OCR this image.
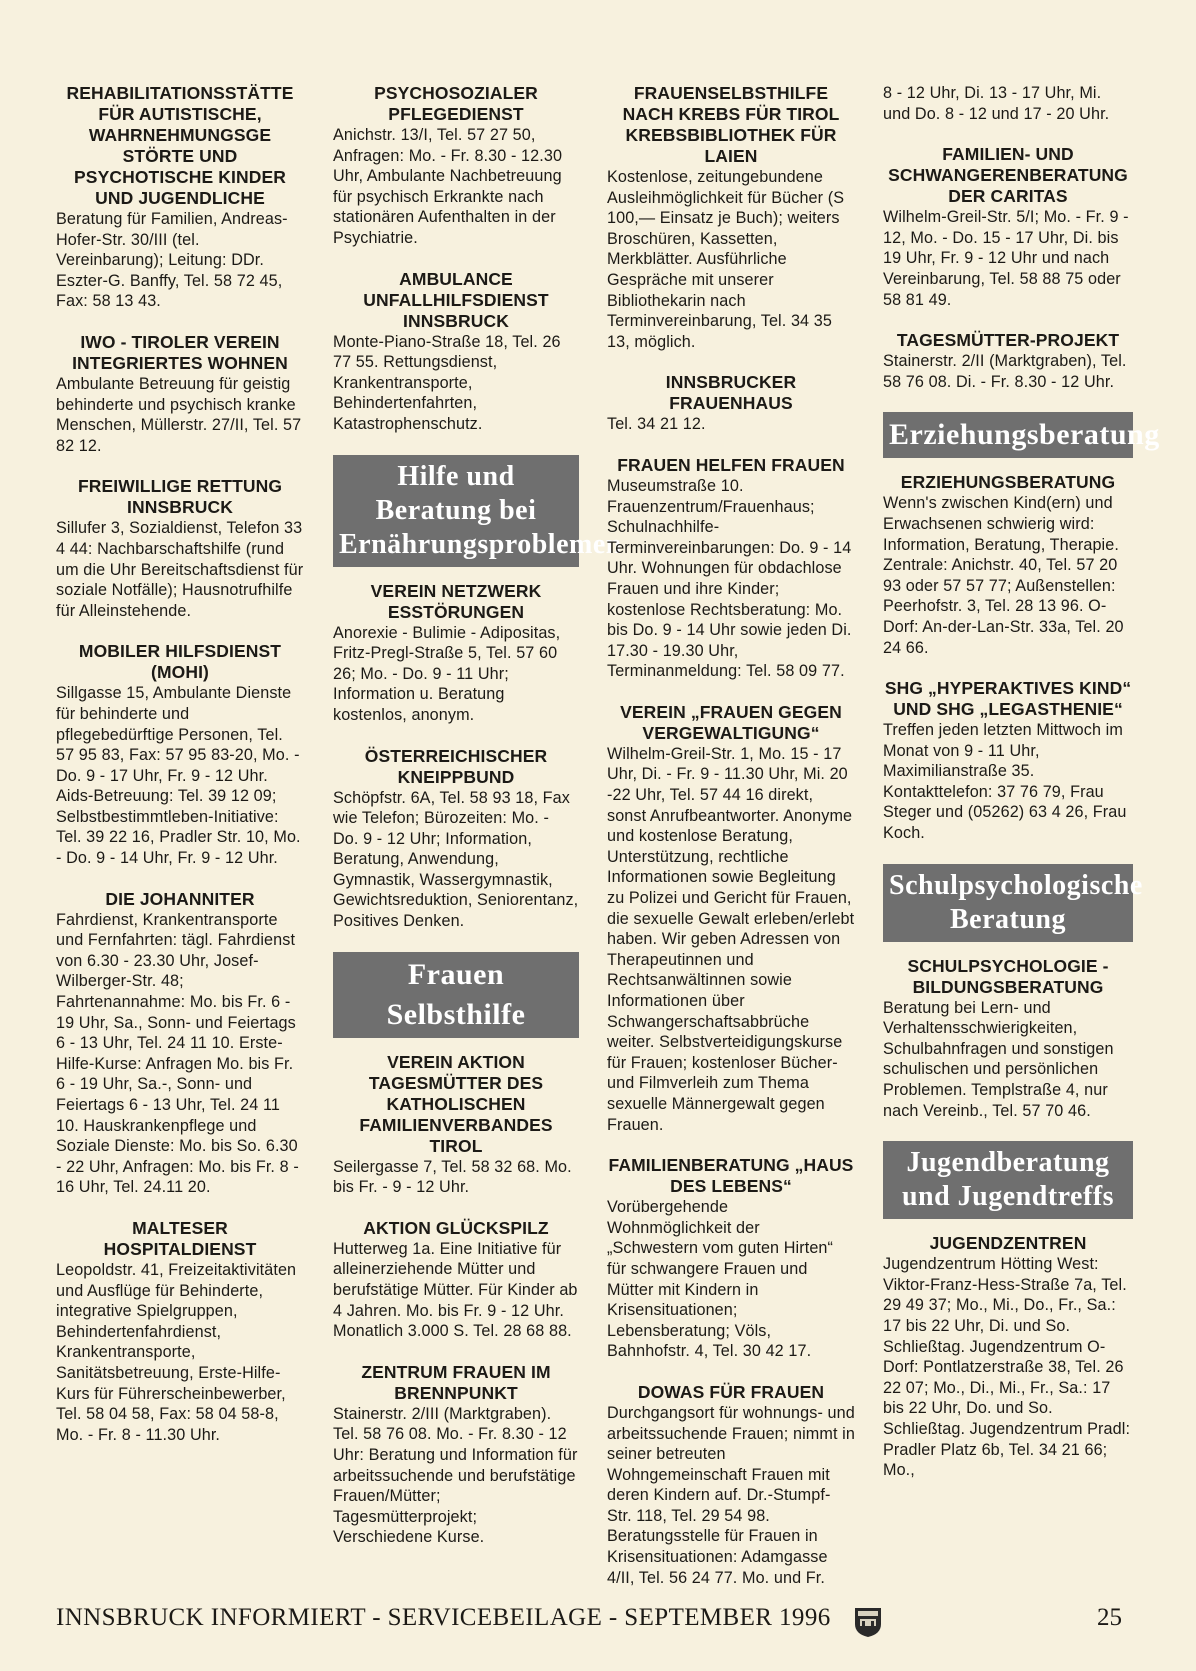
REHABILITATIONSSTÄTTE FÜR AUTISTISCHE, WAHRNEHMUNGSGE STÖRTE UND PSYCHOTISCHE KINDER UND JUGENDLICHE
Beratung für Familien, Andreas-Hofer-Str. 30/III (tel. Vereinbarung); Leitung: DDr. Eszter-G. Banffy, Tel. 58 72 45, Fax: 58 13 43.
IWO - TIROLER VEREIN INTEGRIERTES WOHNEN
Ambulante Betreuung für geistig behinderte und psychisch kranke Menschen, Müllerstr. 27/II, Tel. 57 82 12.
FREIWILLIGE RETTUNG INNSBRUCK
Sillufer 3, Sozialdienst, Telefon 33 4 44: Nachbarschaftshilfe (rund um die Uhr Bereitschaftsdienst für soziale Notfälle); Hausnotrufhilfe für Alleinstehende.
MOBILER HILFSDIENST (MOHI)
Sillgasse 15, Ambulante Dienste für behinderte und pflegebedürftige Personen, Tel. 57 95 83, Fax: 57 95 83-20, Mo. - Do. 9 - 17 Uhr, Fr. 9 - 12 Uhr. Aids-Betreuung: Tel. 39 12 09; Selbstbestimmtleben-Initiative: Tel. 39 22 16, Pradler Str. 10, Mo. - Do. 9 - 14 Uhr, Fr. 9 - 12 Uhr.
DIE JOHANNITER
Fahrdienst, Krankentransporte und Fernfahrten: tägl. Fahrdienst von 6.30 - 23.30 Uhr, Josef-Wilberger-Str. 48; Fahrtenannahme: Mo. bis Fr. 6 - 19 Uhr, Sa., Sonn- und Feiertags 6 - 13 Uhr, Tel. 24 11 10. Erste-Hilfe-Kurse: Anfragen Mo. bis Fr. 6 - 19 Uhr, Sa.-, Sonn- und Feiertags 6 - 13 Uhr, Tel. 24 11 10. Hauskrankenpflege und Soziale Dienste: Mo. bis So. 6.30 - 22 Uhr, Anfragen: Mo. bis Fr. 8 - 16 Uhr, Tel. 24.11 20.
MALTESER HOSPITALDIENST
Leopoldstr. 41, Freizeitaktivitäten und Ausflüge für Behinderte, integrative Spielgruppen, Behindertenfahrdienst, Krankentransporte, Sanitätsbetreuung, Erste-Hilfe-Kurs für Führerscheinbewerber, Tel. 58 04 58, Fax: 58 04 58-8, Mo. - Fr. 8 - 11.30 Uhr.
PSYCHOSOZIALER PFLEGEDIENST
Anichstr. 13/I, Tel. 57 27 50, Anfragen: Mo. - Fr. 8.30 - 12.30 Uhr, Ambulante Nachbetreuung für psychisch Erkrankte nach stationären Aufenthalten in der Psychiatrie.
AMBULANCE UNFALLHILFSDIENST INNSBRUCK
Monte-Piano-Straße 18, Tel. 26 77 55. Rettungsdienst, Krankentransporte, Behindertenfahrten, Katastrophenschutz.
Hilfe und Beratung bei Ernährungsproblemen
VEREIN NETZWERK ESSTÖRUNGEN
Anorexie - Bulimie - Adipositas, Fritz-Pregl-Straße 5, Tel. 57 60 26; Mo. - Do. 9 - 11 Uhr; Information u. Beratung kostenlos, anonym.
ÖSTERREICHISCHER KNEIPPBUND
Schöpfstr. 6A, Tel. 58 93 18, Fax wie Telefon; Bürozeiten: Mo. - Do. 9 - 12 Uhr; Information, Beratung, Anwendung, Gymnastik, Wassergymnastik, Gewichtsreduktion, Seniorentanz, Positives Denken.
Frauen Selbsthilfe
VEREIN AKTION TAGESMÜTTER DES KATHOLISCHEN FAMILIENVERBANDES TIROL
Seilergasse 7, Tel. 58 32 68. Mo. bis Fr. - 9 - 12 Uhr.
AKTION GLÜCKSPILZ
Hutterweg 1a. Eine Initiative für alleinerziehende Mütter und berufstätige Mütter. Für Kinder ab 4 Jahren. Mo. bis Fr. 9 - 12 Uhr. Monatlich 3.000 S. Tel. 28 68 88.
ZENTRUM FRAUEN IM BRENNPUNKT
Stainerstr. 2/III (Marktgraben). Tel. 58 76 08. Mo. - Fr. 8.30 - 12 Uhr: Beratung und Information für arbeitssuchende und berufstätige Frauen/Mütter; Tagesmütterprojekt; Verschiedene Kurse.
FRAUENSELBSTHILFE NACH KREBS FÜR TIROL KREBSBIBLIOTHEK FÜR LAIEN
Kostenlose, zeitungebundene Ausleihmöglichkeit für Bücher (S 100,— Einsatz je Buch); weiters Broschüren, Kassetten, Merkblätter. Ausführliche Gespräche mit unserer Bibliothekarin nach Terminvereinbarung, Tel. 34 35 13, möglich.
INNSBRUCKER FRAUENHAUS
Tel. 34 21 12.
FRAUEN HELFEN FRAUEN
Museumstraße 10. Frauenzentrum/Frauenhaus; Schulnachhilfe-Terminvereinbarungen: Do. 9 - 14 Uhr. Wohnungen für obdachlose Frauen und ihre Kinder; kostenlose Rechtsberatung: Mo. bis Do. 9 - 14 Uhr sowie jeden Di. 17.30 - 19.30 Uhr, Terminanmeldung: Tel. 58 09 77.
VEREIN „FRAUEN GEGEN VERGEWALTIGUNG“
Wilhelm-Greil-Str. 1, Mo. 15 - 17 Uhr, Di. - Fr. 9 - 11.30 Uhr, Mi. 20 -22 Uhr, Tel. 57 44 16 direkt, sonst Anrufbeantworter. Anonyme und kostenlose Beratung, Unterstützung, rechtliche Informationen sowie Begleitung zu Polizei und Gericht für Frauen, die sexuelle Gewalt erleben/erlebt haben. Wir geben Adressen von Therapeutinnen und Rechtsanwältinnen sowie Informationen über Schwangerschaftsabbrüche weiter. Selbstverteidigungskurse für Frauen; kostenloser Bücher- und Filmverleih zum Thema sexuelle Männergewalt gegen Frauen.
FAMILIENBERATUNG „HAUS DES LEBENS“
Vorübergehende Wohnmöglichkeit der „Schwestern vom guten Hirten“ für schwangere Frauen und Mütter mit Kindern in Krisensituationen; Lebensberatung; Völs, Bahnhofstr. 4, Tel. 30 42 17.
DOWAS FÜR FRAUEN
Durchgangsort für wohnungs- und arbeitssuchende Frauen; nimmt in seiner betreuten Wohngemeinschaft Frauen mit deren Kindern auf. Dr.-Stumpf-Str. 118, Tel. 29 54 98. Beratungsstelle für Frauen in Krisensituationen: Adamgasse 4/II, Tel. 56 24 77. Mo. und Fr.
8 - 12 Uhr, Di. 13 - 17 Uhr, Mi. und Do. 8 - 12 und 17 - 20 Uhr.
FAMILIEN- UND SCHWANGERENBERATUNG DER CARITAS
Wilhelm-Greil-Str. 5/I; Mo. - Fr. 9 - 12, Mo. - Do. 15 - 17 Uhr, Di. bis 19 Uhr, Fr. 9 - 12 Uhr und nach Vereinbarung, Tel. 58 88 75 oder 58 81 49.
TAGESMÜTTER-PROJEKT
Stainerstr. 2/II (Marktgraben), Tel. 58 76 08. Di. - Fr. 8.30 - 12 Uhr.
Erziehungsberatung
ERZIEHUNGSBERATUNG
Wenn's zwischen Kind(ern) und Erwachsenen schwierig wird: Information, Beratung, Therapie. Zentrale: Anichstr. 40, Tel. 57 20 93 oder 57 57 77; Außenstellen: Peerhofstr. 3, Tel. 28 13 96. O-Dorf: An-der-Lan-Str. 33a, Tel. 20 24 66.
SHG „HYPERAKTIVES KIND“ UND SHG „LEGASTHENIE“
Treffen jeden letzten Mittwoch im Monat von 9 - 11 Uhr, Maximilianstraße 35. Kontakttelefon: 37 76 79, Frau Steger und (05262) 63 4 26, Frau Koch.
Schulpsychologische Beratung
SCHULPSYCHOLOGIE - BILDUNGSBERATUNG
Beratung bei Lern- und Verhaltensschwierigkeiten, Schulbahnfragen und sonstigen schulischen und persönlichen Problemen. Templstraße 4, nur nach Vereinb., Tel. 57 70 46.
Jugendberatung und Jugendtreffs
JUGENDZENTREN
Jugendzentrum Hötting West: Viktor-Franz-Hess-Straße 7a, Tel. 29 49 37; Mo., Mi., Do., Fr., Sa.: 17 bis 22 Uhr, Di. und So. Schließtag. Jugendzentrum O-Dorf: Pontlatzerstraße 38, Tel. 26 22 07; Mo., Di., Mi., Fr., Sa.: 17 bis 22 Uhr, Do. und So. Schließtag. Jugendzentrum Pradl: Pradler Platz 6b, Tel. 34 21 66; Mo.,
INNSBRUCK INFORMIERT - SERVICEBEILAGE - SEPTEMBER 1996	25
